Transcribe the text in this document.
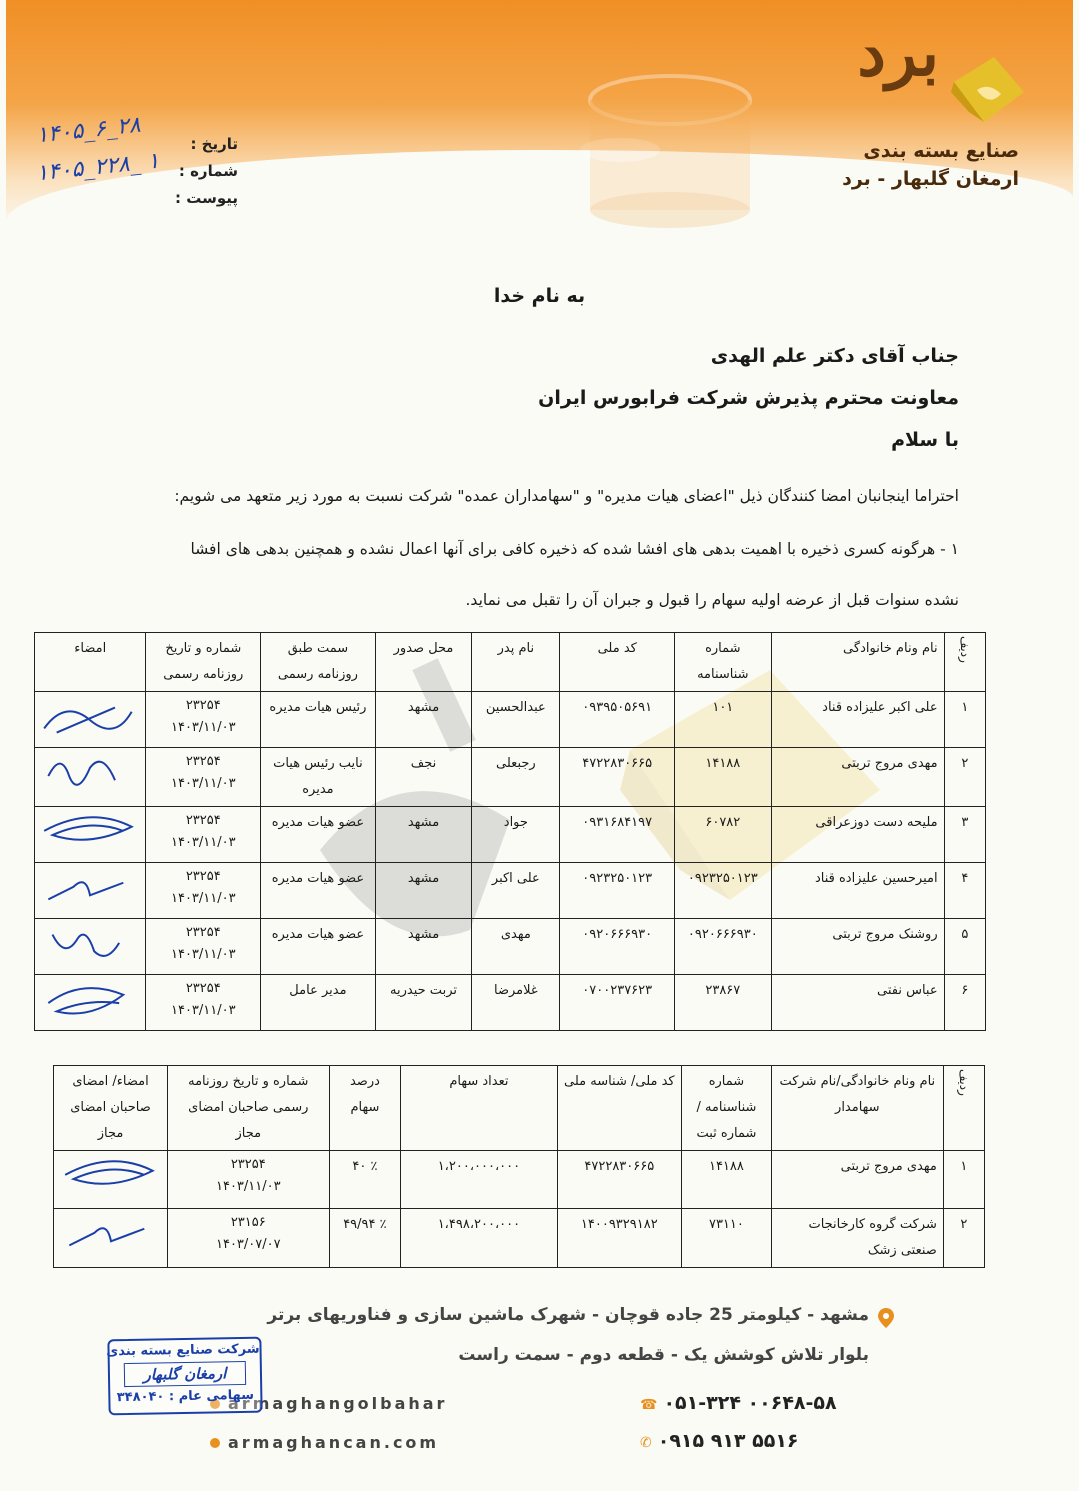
برد
صنایع بسته بندی
ارمغان گلبهار - برد
تاریخ :
شماره :
پیوست :
۱۴۰۵_۶_۲۸
۱۴۰۵_۲۲۸_ ۱
به نام خدا
جناب آقای دکتر علم الهدی
معاونت محترم پذیرش شرکت فرابورس ایران
با سلام
احتراما اینجانبان امضا کنندگان ذیل "اعضای هیات مدیره" و "سهامداران عمده" شرکت نسبت به مورد زیر متعهد می شویم:
۱ - هرگونه کسری ذخیره با اهمیت بدهی های افشا شده که ذخیره کافی برای آنها اعمال نشده و همچنین بدهی های افشا
نشده سنوات قبل از عرضه اولیه سهام را قبول و جبران آن را تقبل می نماید.
ردیف	نام ونام خانوادگی	شماره شناسنامه	کد ملی	نام پدر	محل صدور	سمت طبق روزنامه رسمی	شماره و تاریخ روزنامه رسمی	امضاء
۱	علی اکبر علیزاده قناد	۱۰۱	۰۹۳۹۵۰۵۶۹۱	عبدالحسین	مشهد	رئیس هیات مدیره	۲۳۲۵۴
۱۴۰۳/۱۱/۰۳

۲	مهدی مروج تربتی	۱۴۱۸۸	۴۷۲۲۸۳۰۶۶۵	رجبعلی	نجف	نایب رئیس هیات مدیره	۲۳۲۵۴
۱۴۰۳/۱۱/۰۳

۳	ملیحه دست دوزعراقی	۶۰۷۸۲	۰۹۳۱۶۸۴۱۹۷	جواد	مشهد	عضو هیات مدیره	۲۳۲۵۴
۱۴۰۳/۱۱/۰۳

۴	امیرحسین علیزاده قناد	۰۹۲۳۲۵۰۱۲۳	۰۹۲۳۲۵۰۱۲۳	علی اکبر	مشهد	عضو هیات مدیره	۲۳۲۵۴
۱۴۰۳/۱۱/۰۳

۵	روشنک مروج تربتی	۰۹۲۰۶۶۶۹۳۰	۰۹۲۰۶۶۶۹۳۰	مهدی	مشهد	عضو هیات مدیره	۲۳۲۵۴
۱۴۰۳/۱۱/۰۳

۶	عباس نفتی	۲۳۸۶۷	۰۷۰۰۲۳۷۶۲۳	غلامرضا	تربت حیدریه	مدیر عامل	۲۳۲۵۴
۱۴۰۳/۱۱/۰۳

ردیف	نام ونام خانوادگی/نام شرکت سهامدار	شماره شناسنامه /شماره ثبت	کد ملی/ شناسه ملی	تعداد سهام	درصد سهام	شماره و تاریخ روزنامه رسمی صاحبان امضای مجاز	امضاء/ امضای صاحبان امضای مجاز
۱	مهدی مروج تربتی	۱۴۱۸۸	۴۷۲۲۸۳۰۶۶۵	۱،۲۰۰،۰۰۰،۰۰۰	٪ ۴۰	۲۳۲۵۴
۱۴۰۳/۱۱/۰۳

۲	شرکت گروه کارخانجات صنعتی زشک	۷۳۱۱۰	۱۴۰۰۹۳۲۹۱۸۲	۱،۴۹۸،۲۰۰،۰۰۰	٪ ۴۹/۹۴	۲۳۱۵۶
۱۴۰۳/۰۷/۰۷

مشهد - کیلومتر 25 جاده قوچان - شهرک ماشین سازی و فناوریهای برتر
بلوار تلاش کوشش یک - قطعه دوم - سمت راست
armaghangolbahar
armaghancan.com
☎ ۰۵۱-۳۲۴ ۰۰۶۴۸-۵۸
✆ ۰۹۱۵ ۹۱۳ ۵۵۱۶
شرکت صنایع بسته بندی
ارمغان گلبهار
سهامی عام : ۳۴۸۰۴۰
